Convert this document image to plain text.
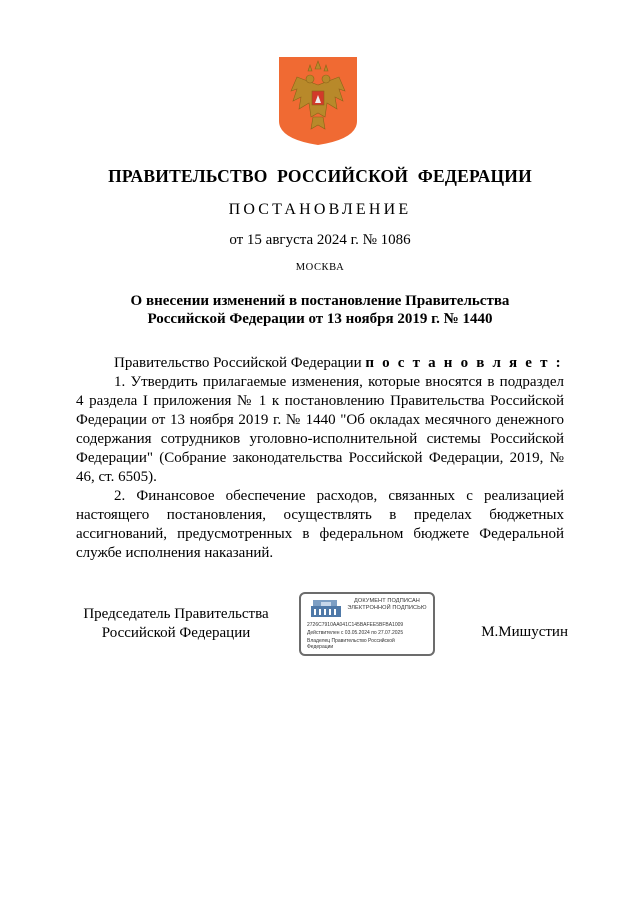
ПРАВИТЕЛЬСТВО РОССИЙСКОЙ ФЕДЕРАЦИИ
ПОСТАНОВЛЕНИЕ
от 15 августа 2024 г. № 1086
МОСКВА
О внесении изменений в постановление Правительства
Российской Федерации от 13 ноября 2019 г. № 1440

Правительство Российской Федерации п о с т а н о в л я е т :

1. Утвердить прилагаемые изменения, которые вносятся в подраздел 4 раздела I приложения № 1 к постановлению Правительства Российской Федерации от 13 ноября 2019 г. № 1440 "Об окладах месячного денежного содержания сотрудников уголовно-исполнительной системы Российской Федерации" (Собрание законодательства Российской Федерации, 2019, № 46, ст. 6505).

2. Финансовое обеспечение расходов, связанных с реализацией настоящего постановления, осуществлять в пределах бюджетных ассигнований, предусмотренных в федеральном бюджете Федеральной службе исполнения наказаний.

Председатель Правительства
Российской Федерации
ДОКУМЕНТ ПОДПИСАН
ЭЛЕКТРОННОЙ ПОДПИСЬЮ
2726C7910AA041C145BAFEE5BFBA1009
Действителен с 03.05.2024 по 27.07.2025
Владелец Правительство Российской
Федерации
М.Мишустин
